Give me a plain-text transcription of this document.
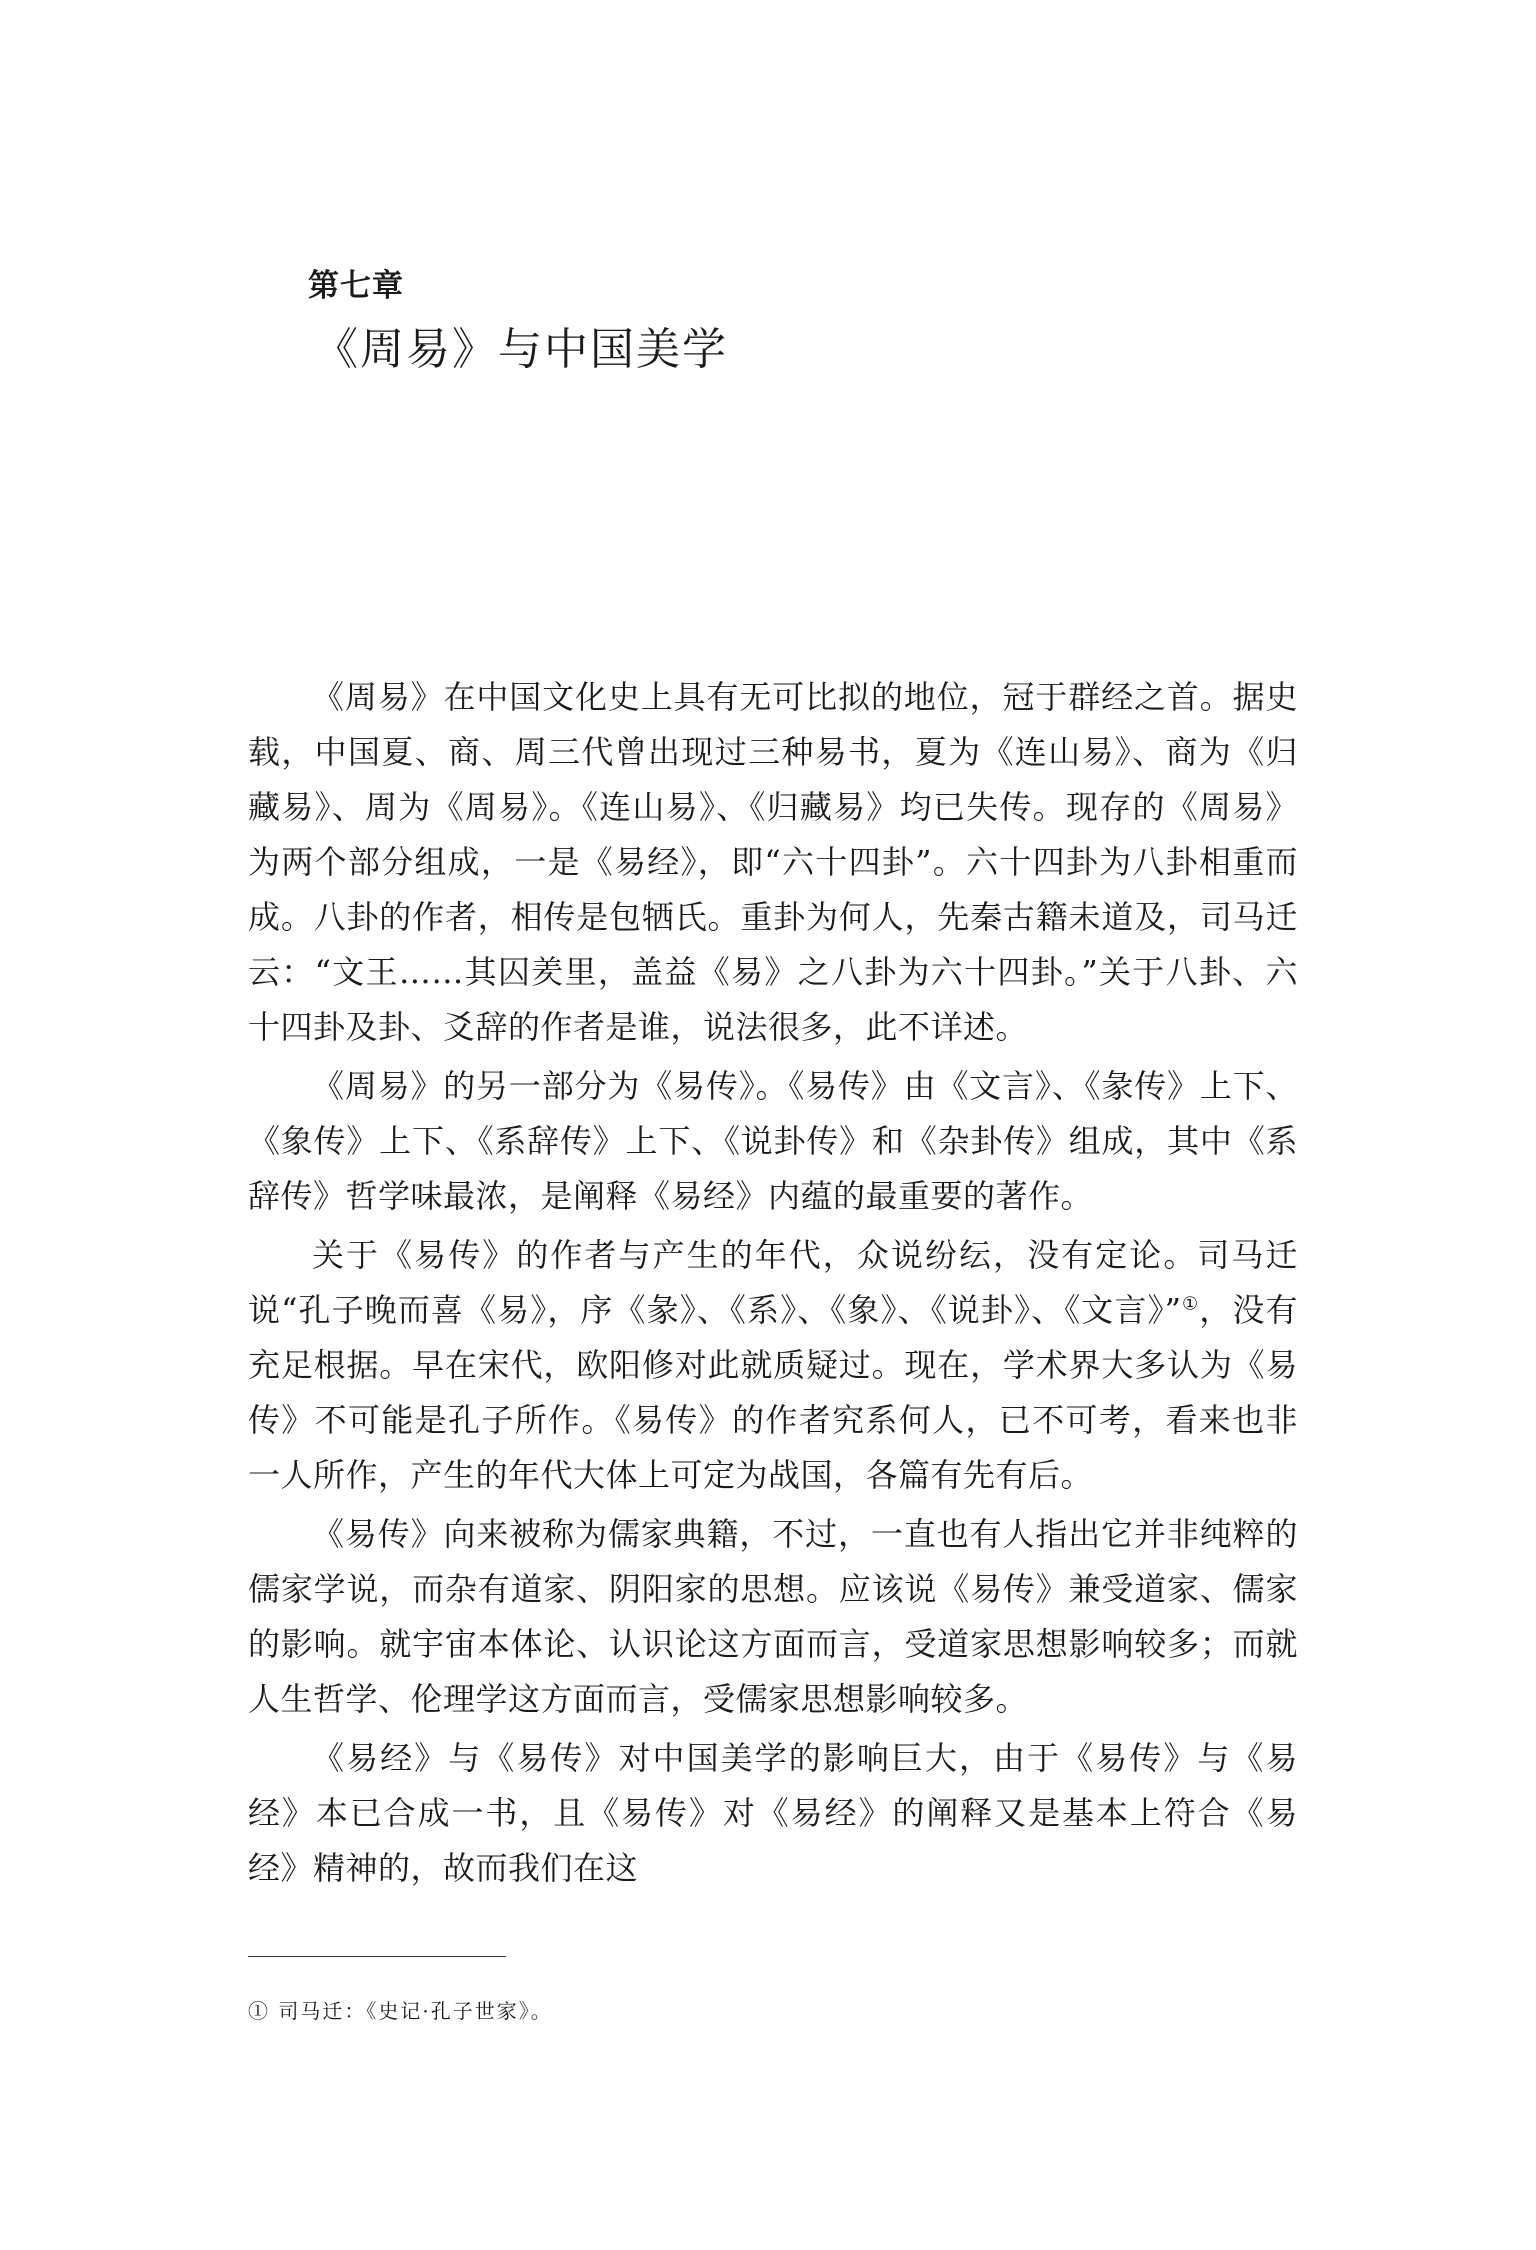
第七章

《周易》与中国美学

《周易》在中国文化史上具有无可比拟的地位，冠于群经之首。据史载，中国夏、商、周三代曾出现过三种易书，夏为《连山易》、商为《归藏易》、周为《周易》。《连山易》、《归藏易》均已失传。现存的《周易》为两个部分组成，一是《易经》，即“六十四卦”。六十四卦为八卦相重而成。八卦的作者，相传是包牺氏。重卦为何人，先秦古籍未道及，司马迁云：“文王……其囚羑里，盖益《易》之八卦为六十四卦。”关于八卦、六十四卦及卦、爻辞的作者是谁，说法很多，此不详述。

《周易》的另一部分为《易传》。《易传》由《文言》、《彖传》上下、《象传》上下、《系辞传》上下、《说卦传》和《杂卦传》组成，其中《系辞传》哲学味最浓，是阐释《易经》内蕴的最重要的著作。

关于《易传》的作者与产生的年代，众说纷纭，没有定论。司马迁说“孔子晚而喜《易》，序《彖》、《系》、《象》、《说卦》、《文言》”①，没有充足根据。早在宋代，欧阳修对此就质疑过。现在，学术界大多认为《易传》不可能是孔子所作。《易传》的作者究系何人，已不可考，看来也非一人所作，产生的年代大体上可定为战国，各篇有先有后。

《易传》向来被称为儒家典籍，不过，一直也有人指出它并非纯粹的儒家学说，而杂有道家、阴阳家的思想。应该说《易传》兼受道家、儒家的影响。就宇宙本体论、认识论这方面而言，受道家思想影响较多；而就人生哲学、伦理学这方面而言，受儒家思想影响较多。

《易经》与《易传》对中国美学的影响巨大，由于《易传》与《易经》本已合成一书，且《易传》对《易经》的阐释又是基本上符合《易经》精神的，故而我们在这

① 司马迁：《史记·孔子世家》。
